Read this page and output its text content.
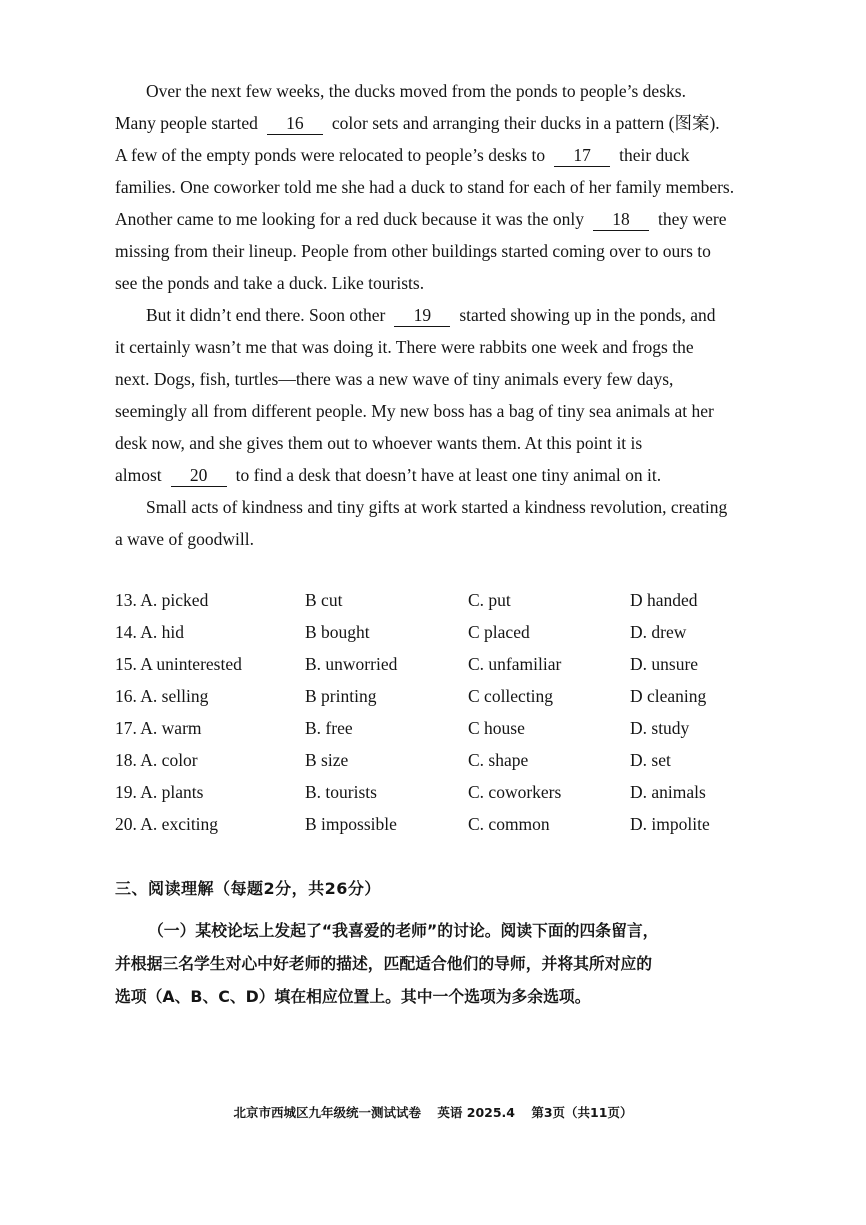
Over the next few weeks, the ducks moved from the ponds to people’s desks.
Many people started 16 color sets and arranging their ducks in a pattern (图案).
A few of the empty ponds were relocated to people’s desks to 17 their duck
families. One coworker told me she had a duck to stand for each of her family members.
Another came to me looking for a red duck because it was the only 18 they were
missing from their lineup. People from other buildings started coming over to ours to
see the ponds and take a duck. Like tourists.
But it didn’t end there. Soon other 19 started showing up in the ponds, and
it certainly wasn’t me that was doing it. There were rabbits one week and frogs the
next. Dogs, fish, turtles—there was a new wave of tiny animals every few days,
seemingly all from different people. My new boss has a bag of tiny sea animals at her
desk now, and she gives them out to whoever wants them. At this point it is
almost 20 to find a desk that doesn’t have at least one tiny animal on it.
Small acts of kindness and tiny gifts at work started a kindness revolution, creating
a wave of goodwill.
13. A. picked	B cut	C. put	D handed
14. A. hid	B bought	C placed	D. drew
15. A uninterested	B. unworried	C. unfamiliar	D. unsure
16. A. selling	B printing	C collecting	D cleaning
17. A. warm	B. free	C house	D. study
18. A. color	B size	C. shape	D. set
19. A. plants	B. tourists	C. coworkers	D. animals
20. A. exciting	B impossible	C. common	D. impolite
三、阅读理解（每题2分，共26分）
（一）某校论坛上发起了“我喜爱的老师”的讨论。阅读下面的四条留言，
并根据三名学生对心中好老师的描述，匹配适合他们的导师，并将其所对应的
选项（A、B、C、D）填在相应位置上。其中一个选项为多余选项。
北京市西城区九年级统一测试试卷 英语 2025.4 第3页（共11页）
